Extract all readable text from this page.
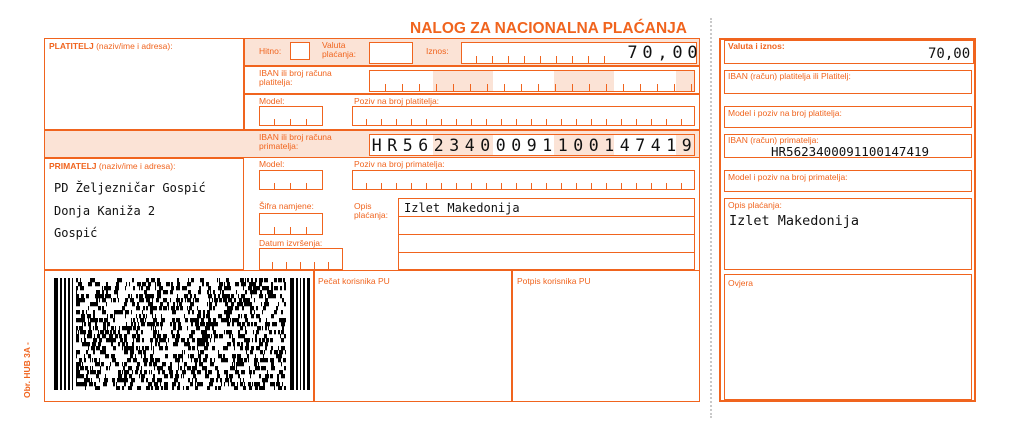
NALOG ZA NACIONALNA PLAĆANJA
PLATITELJ (naziv/ime i adresa):	Hitno:
Valuta plaćanja:	Iznos:	7 0 , 0 0
IBAN ili broj računa platitelja:
Model:	Poziv na broj platitelja:
IBAN ili broj računa primatelja:	H R 5 6 2 3 4 0 0 0 9 1 1 0 0 1 4 7 4 1 9
PRIMATELJ (naziv/ime i adresa):
PD Željezničar Gospić
Donja Kaniža 2
Gospić
Model:	Poziv na broj primatelja:
Šifra namjene:	Opis plaćanja:	Izlet Makedonija
Datum izvršenja:
Obr. HUB 3A -
Pečat korisnika PU	Potpis korisnika PU
Valuta i iznos:	70,00
IBAN (račun) platitelja ili Platitelj:
Model i poziv na broj platitelja:
IBAN (račun) primatelja:
HR5623400091100147419
Model i poziv na broj primatelja:
Opis plaćanja:
Izlet Makedonija
Ovjera
